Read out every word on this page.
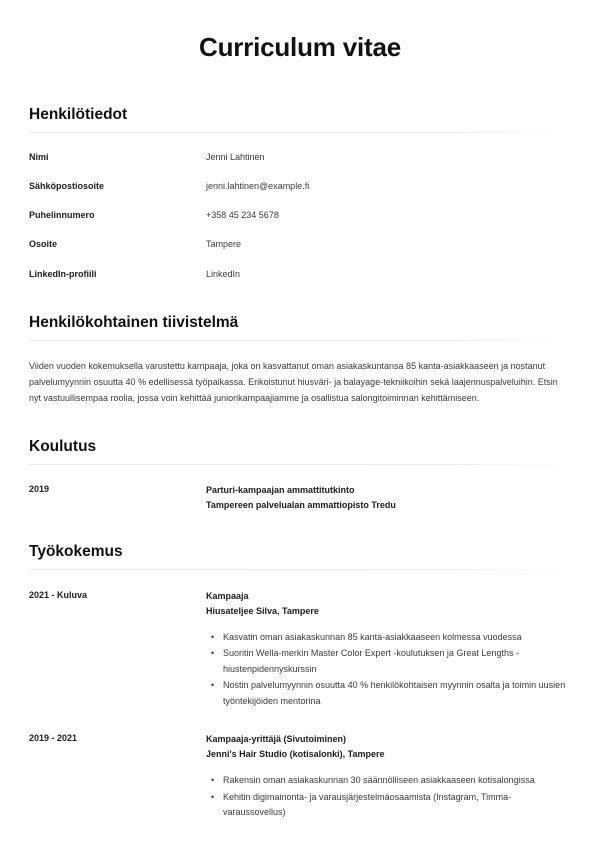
Curriculum vitae
Henkilötiedot
Nimi	Jenni Lahtinen
Sähköpostiosoite	jenni.lahtinen@example.fi
Puhelinnumero	+358 45 234 5678
Osoite	Tampere
LinkedIn-profiili	LinkedIn
Henkilökohtainen tiivistelmä

Viiden vuoden kokemuksella varustettu kampaaja, joka on kasvattanut oman asiakaskuntansa 85 kanta-asiakkaaseen ja nostanut palvelumyynnin osuutta 40 % edellisessä työpaikassa. Erikoistunut hiusväri- ja balayage-tekniikoihin sekä laajennuspalveluihin. Etsin nyt vastuullisempaa roolia, jossa voin kehittää juniorikampaajiamme ja osallistua salongitoiminnan kehittämiseen.

Koulutus
2019	Parturi-kampaajan ammattitutkinto
Tampereen palvelualan ammattiopisto Tredu
Työkokemus
2021 - Kuluva	Kampaaja
Hiusateljee Silva, Tampere
• Kasvatin oman asiakaskunnan 85 kanta-asiakkaaseen kolmessa vuodessa
• Suoritin Wella-merkin Master Color Expert -koulutuksen ja Great Lengths -hiustenpidennyskurssin
• Nostin palvelumyynnin osuutta 40 % henkilökohtaisen myynnin osalta ja toimin uusien työntekijöiden mentorina
2019 - 2021	Kampaaja-yrittäjä (Sivutoiminen)
Jenni's Hair Studio (kotisalonki), Tampere
• Rakensin oman asiakaskunnan 30 säännölliseen asiakkaaseen kotisalongissa
• Kehitin digimainonta- ja varausjärjestelmäosaamista (Instagram, Timma-varaussovellus)
